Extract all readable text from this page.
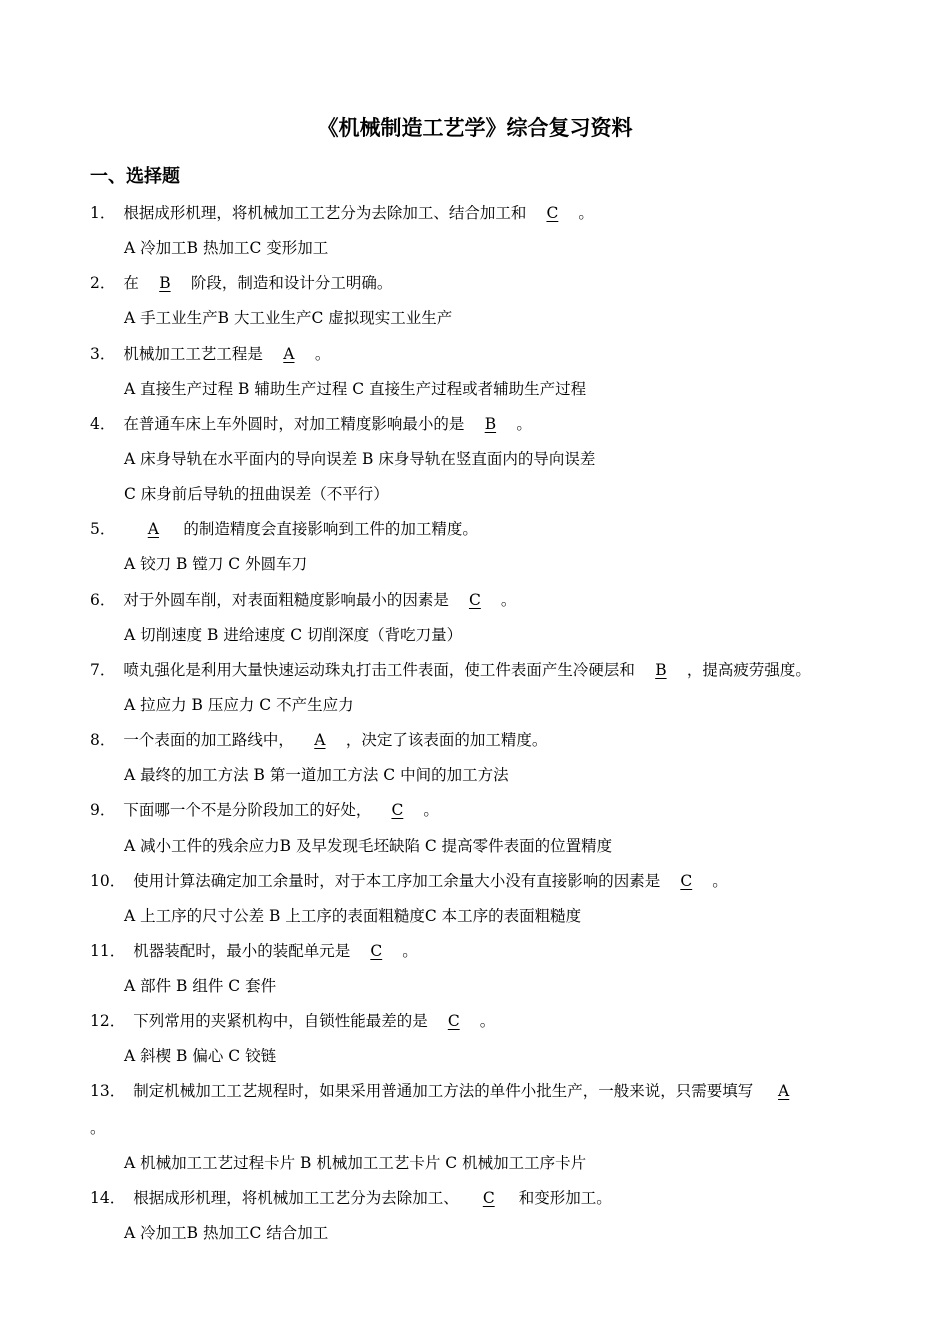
《机械制造工艺学》综合复习资料
一、选择题
1． 根据成形机理，将机械加工工艺分为去除加工、结合加工和 C 。
A 冷加工B 热加工C 变形加工
2． 在 B 阶段，制造和设计分工明确。
A 手工业生产B 大工业生产C 虚拟现实工业生产
3． 机械加工工艺工程是 A 。
A 直接生产过程 B 辅助生产过程 C 直接生产过程或者辅助生产过程
4． 在普通车床上车外圆时，对加工精度影响最小的是 B 。
A 床身导轨在水平面内的导向误差 B 床身导轨在竖直面内的导向误差
C 床身前后导轨的扭曲误差（不平行）
5． A 的制造精度会直接影响到工件的加工精度。
A 铰刀 B 镗刀 C 外圆车刀
6． 对于外圆车削，对表面粗糙度影响最小的因素是 C 。
A 切削速度 B 进给速度 C 切削深度（背吃刀量）
7． 喷丸强化是利用大量快速运动珠丸打击工件表面，使工件表面产生冷硬层和 B ，提高疲劳强度。
A 拉应力 B 压应力 C 不产生应力
8． 一个表面的加工路线中， A ，决定了该表面的加工精度。
A 最终的加工方法 B 第一道加工方法 C 中间的加工方法
9． 下面哪一个不是分阶段加工的好处， C 。
A 减小工件的残余应力B 及早发现毛坯缺陷 C 提高零件表面的位置精度
10． 使用计算法确定加工余量时，对于本工序加工余量大小没有直接影响的因素是 C 。
A 上工序的尺寸公差 B 上工序的表面粗糙度C 本工序的表面粗糙度
11． 机器装配时，最小的装配单元是 C 。
A 部件 B 组件 C 套件
12． 下列常用的夹紧机构中，自锁性能最差的是 C 。
A 斜楔 B 偏心 C 铰链
13． 制定机械加工工艺规程时，如果采用普通加工方法的单件小批生产，一般来说，只需要填写 A
。
A 机械加工工艺过程卡片 B 机械加工工艺卡片 C 机械加工工序卡片
14． 根据成形机理，将机械加工工艺分为去除加工、 C 和变形加工。
A 冷加工B 热加工C 结合加工
